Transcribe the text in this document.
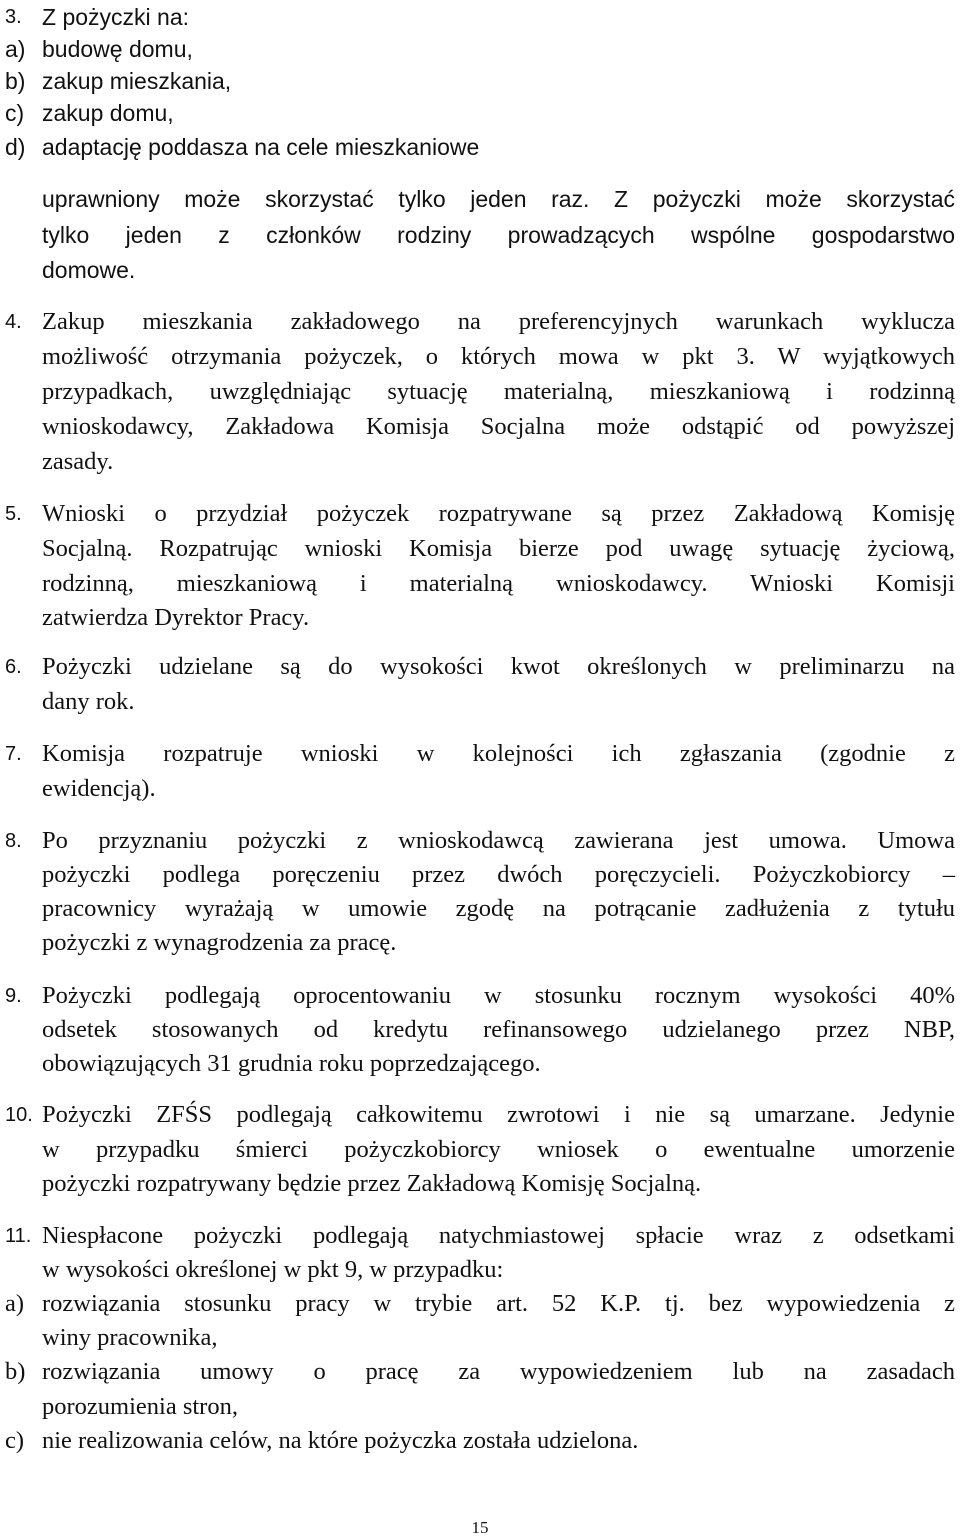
3. Z pożyczki na:
a) budowę domu,
b) zakup mieszkania,
c) zakup domu,
d) adaptację poddasza na cele mieszkaniowe
uprawniony może skorzystać tylko jeden raz. Z pożyczki może skorzystać
tylko jeden z członków rodziny prowadzących wspólne gospodarstwo
domowe.
4. Zakup mieszkania zakładowego na preferencyjnych warunkach wyklucza
możliwość otrzymania pożyczek, o których mowa w pkt 3. W wyjątkowych
przypadkach, uwzględniając sytuację materialną, mieszkaniową i rodzinną
wnioskodawcy, Zakładowa Komisja Socjalna może odstąpić od powyższej
zasady.
5. Wnioski o przydział pożyczek rozpatrywane są przez Zakładową Komisję
Socjalną. Rozpatrując wnioski Komisja bierze pod uwagę sytuację życiową,
rodzinną, mieszkaniową i materialną wnioskodawcy. Wnioski Komisji
zatwierdza Dyrektor Pracy.
6. Pożyczki udzielane są do wysokości kwot określonych w preliminarzu na
dany rok.
7. Komisja rozpatruje wnioski w kolejności ich zgłaszania (zgodnie z
ewidencją).
8. Po przyznaniu pożyczki z wnioskodawcą zawierana jest umowa. Umowa
pożyczki podlega poręczeniu przez dwóch poręczycieli. Pożyczkobiorcy –
pracownicy wyrażają w umowie zgodę na potrącanie zadłużenia z tytułu
pożyczki z wynagrodzenia za pracę.
9. Pożyczki podlegają oprocentowaniu w stosunku rocznym wysokości 40%
odsetek stosowanych od kredytu refinansowego udzielanego przez NBP,
obowiązujących 31 grudnia roku poprzedzającego.
10. Pożyczki ZFŚS podlegają całkowitemu zwrotowi i nie są umarzane. Jedynie
w przypadku śmierci pożyczkobiorcy wniosek o ewentualne umorzenie
pożyczki rozpatrywany będzie przez Zakładową Komisję Socjalną.
11. Niespłacone pożyczki podlegają natychmiastowej spłacie wraz z odsetkami
w wysokości określonej w pkt 9, w przypadku:
a) rozwiązania stosunku pracy w trybie art. 52 K.P. tj. bez wypowiedzenia z
winy pracownika,
b) rozwiązania umowy o pracę za wypowiedzeniem lub na zasadach
porozumienia stron,
c) nie realizowania celów, na które pożyczka została udzielona.
15
